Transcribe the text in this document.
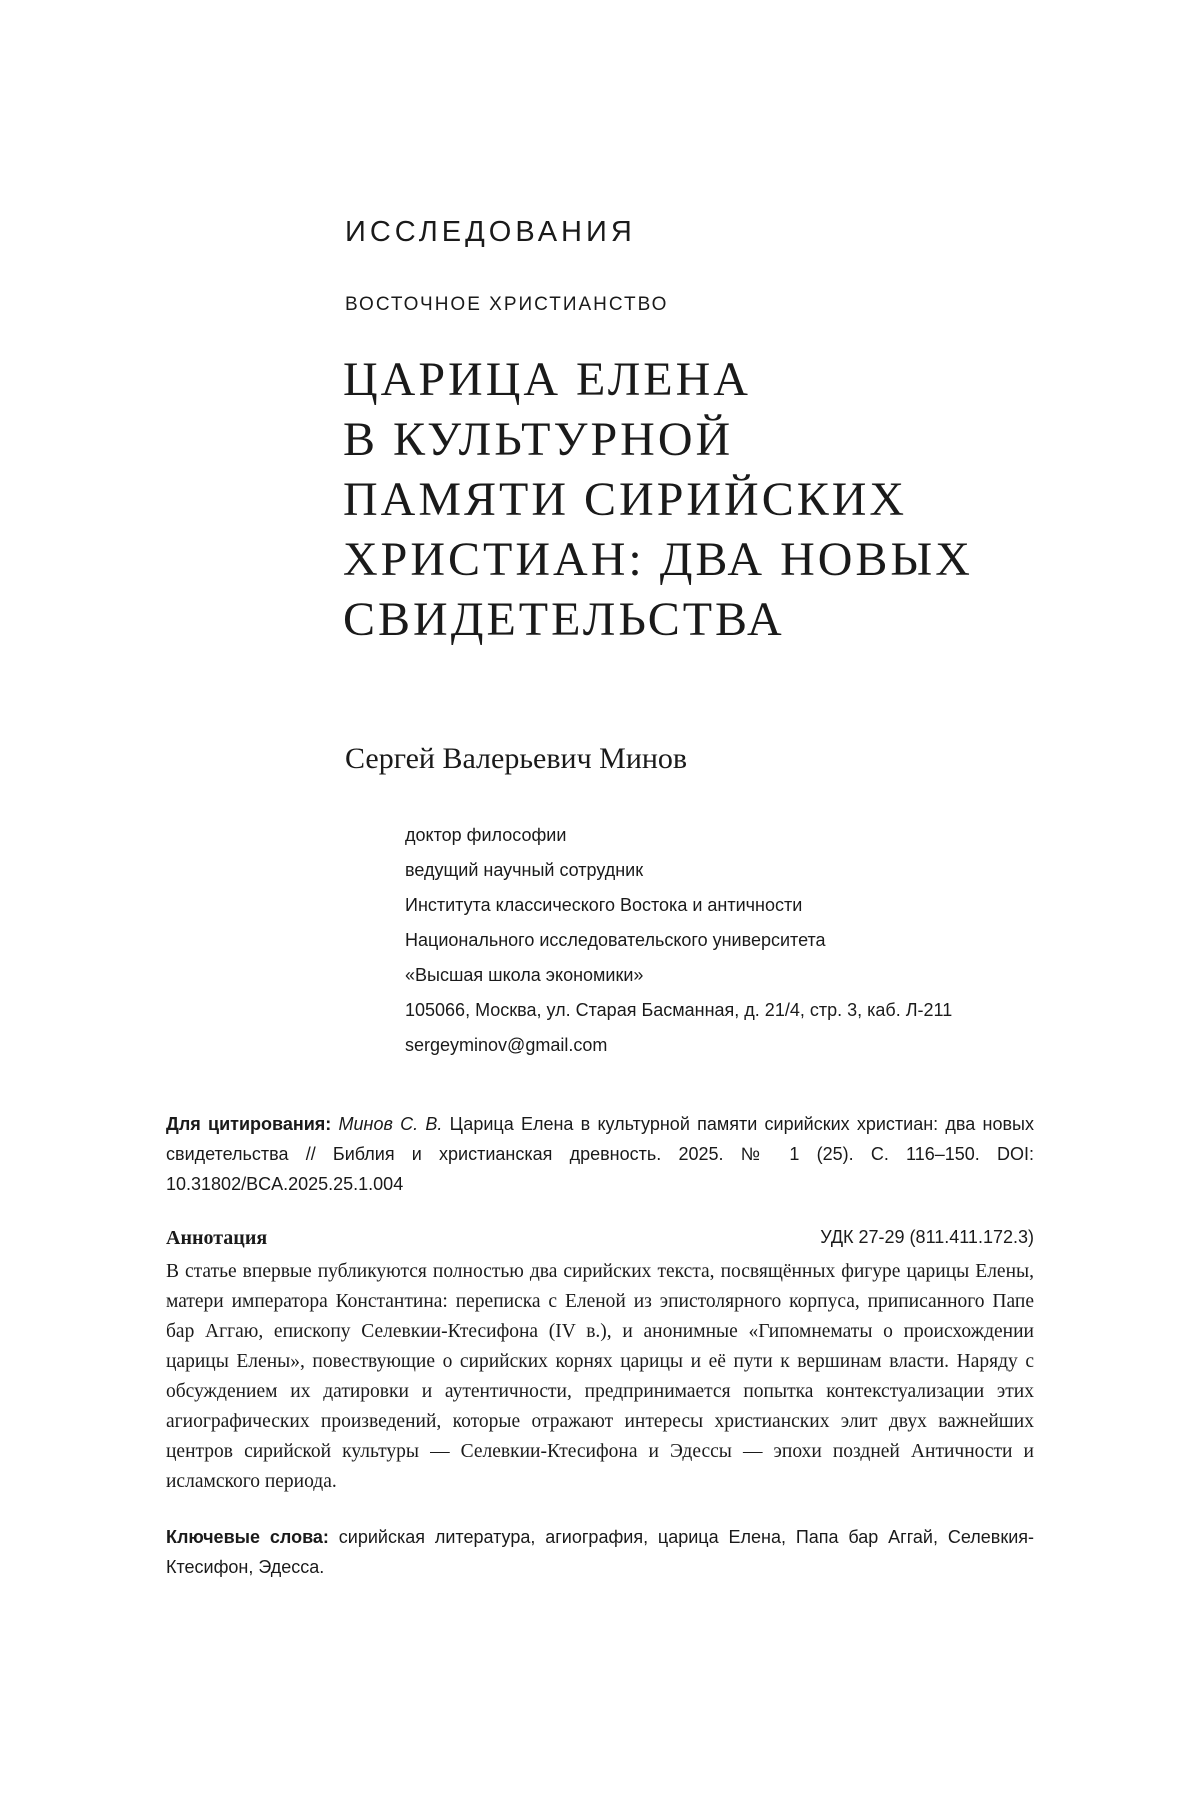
ИССЛЕДОВАНИЯ

ВОСТОЧНОЕ ХРИСТИАНСТВО

ЦАРИЦА ЕЛЕНА
В КУЛЬТУРНОЙ
ПАМЯТИ СИРИЙСКИХ
ХРИСТИАН: ДВА НОВЫХ
СВИДЕТЕЛЬСТВА
Сергей Валерьевич Минов
доктор философии
ведущий научный сотрудник
Института классического Востока и античности
Национального исследовательского университета
«Высшая школа экономики»
105066, Москва, ул. Старая Басманная, д. 21/4, стр. 3, каб. Л-211
sergeyminov@gmail.com

Для цитирования: Минов С. В. Царица Елена в культурной памяти сирийских христиан: два новых свидетельства // Библия и христианская древность. 2025. № 1 (25). С. 116–150. DOI: 10.31802/BCA.2025.25.1.004

Аннотация	УДК 27-29 (811.411.172.3)

В статье впервые публикуются полностью два сирийских текста, посвящённых фигуре царицы Елены, матери императора Константина: переписка с Еленой из эпистолярного корпуса, приписанного Папе бар Аггаю, епископу Селевкии-Ктесифона (IV в.), и анонимные «Гипомнематы о происхождении царицы Елены», повествующие о сирийских корнях царицы и её пути к вершинам власти. Наряду с обсуждением их датировки и аутентичности, предпринимается попытка контекстуализации этих агиографических произведений, которые отражают интересы христианских элит двух важнейших центров сирийской культуры — Селевкии-Ктесифона и Эдессы — эпохи поздней Античности и исламского периода.

Ключевые слова: сирийская литература, агиография, царица Елена, Папа бар Аггай, Селевкия-Ктесифон, Эдесса.
